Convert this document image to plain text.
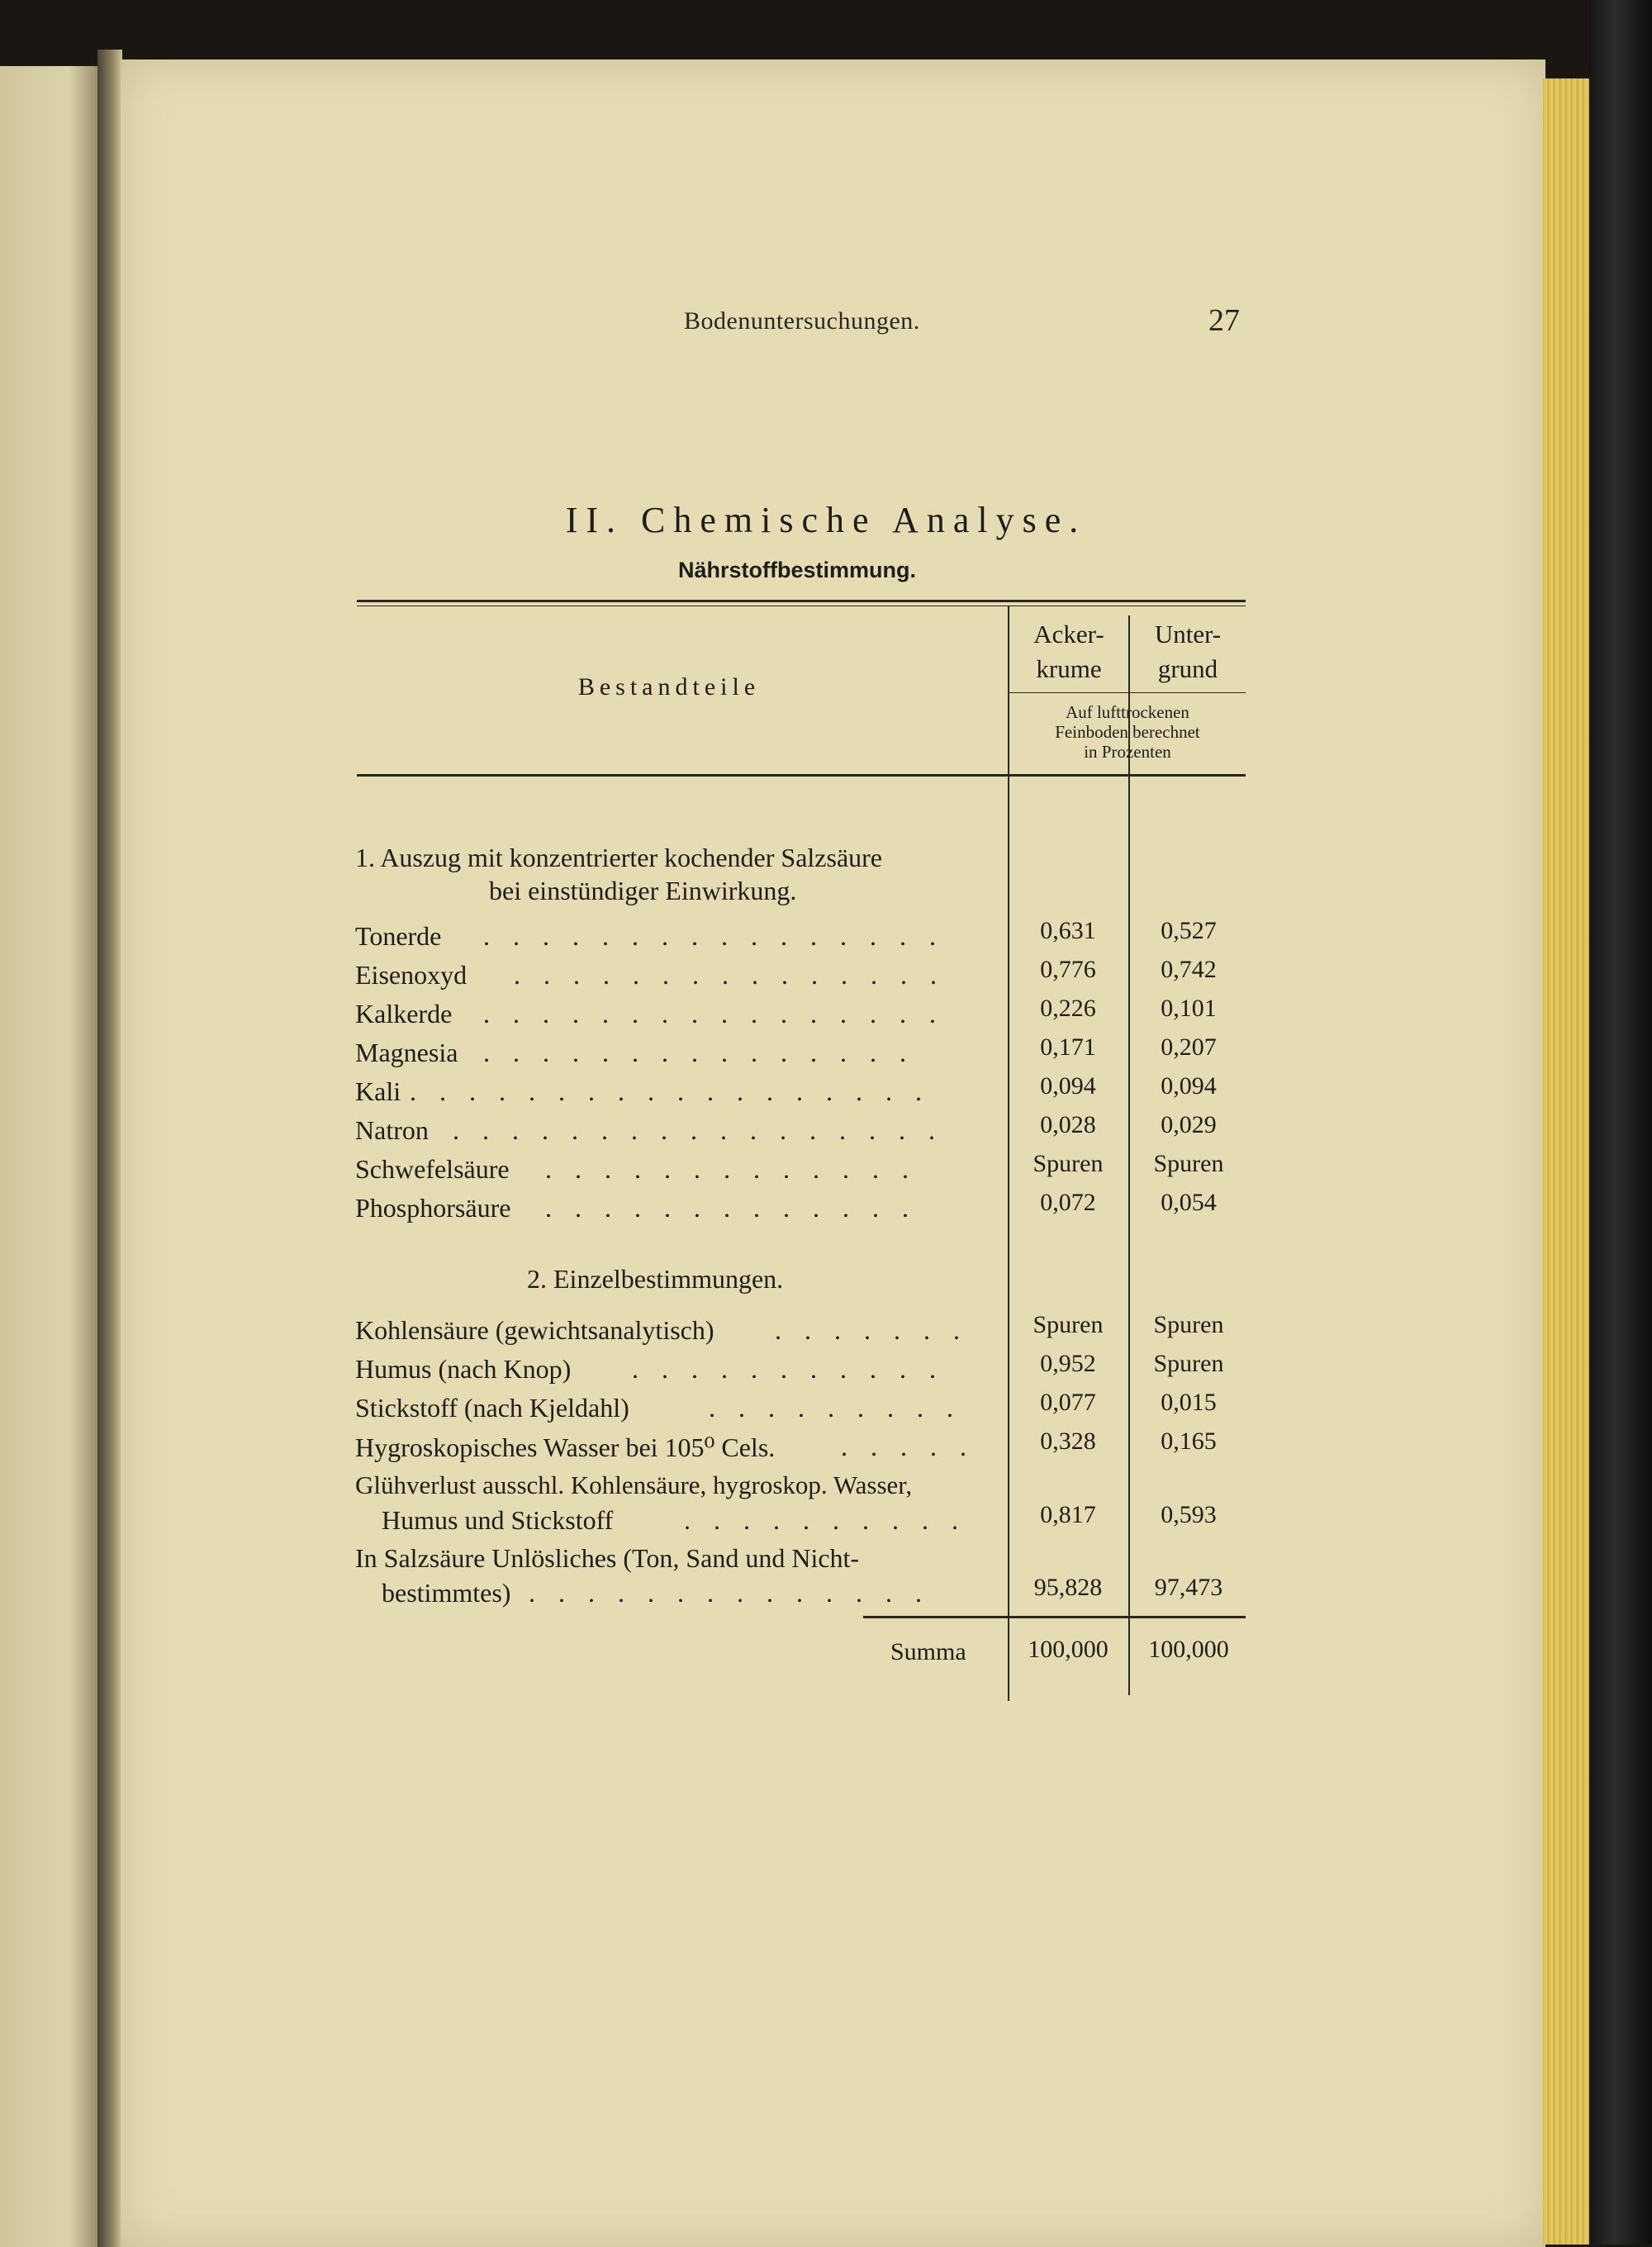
Bodenuntersuchungen.	27
II. Chemische Analyse.
Nährstoffbestimmung.
Bestandteile
Acker-
krume
Unter-
grund
Auf lufttrockenen
Feinboden berechnet
in Prozenten
1. Auszug mit konzentrierter kochender Salzsäure
bei einstündiger Einwirkung.
Tonerde . . . . . . . . . . . . . . . .	0,631	0,527
Eisenoxyd . . . . . . . . . . . . . . .	0,776	0,742
Kalkerde . . . . . . . . . . . . . . . .	0,226	0,101
Magnesia . . . . . . . . . . . . . . .	0,171	0,207
Kali . . . . . . . . . . . . . . . . . .	0,094	0,094
Natron . . . . . . . . . . . . . . . . .	0,028	0,029
Schwefelsäure . . . . . . . . . . . . .	Spuren	Spuren
Phosphorsäure . . . . . . . . . . . . .	0,072	0,054
2. Einzelbestimmungen.
Kohlensäure (gewichtsanalytisch) . . . . . . .	Spuren	Spuren
Humus (nach Knop) . . . . . . . . . . .	0,952	Spuren
Stickstoff (nach Kjeldahl)	. . . . . . . . .	0,077	0,015
Hygroskopisches Wasser bei 105⁰ Cels. . . . . .	0,328	0,165
Glühverlust ausschl. Kohlensäure, hygroskop. Wasser,
Humus und Stickstoff	. . . . . . . . . .	0,817	0,593
In Salzsäure Unlösliches (Ton, Sand und Nicht-
bestimmtes) . . . . . . . . . . . . . .	95,828	97,473
Summa	100,000	100,000
